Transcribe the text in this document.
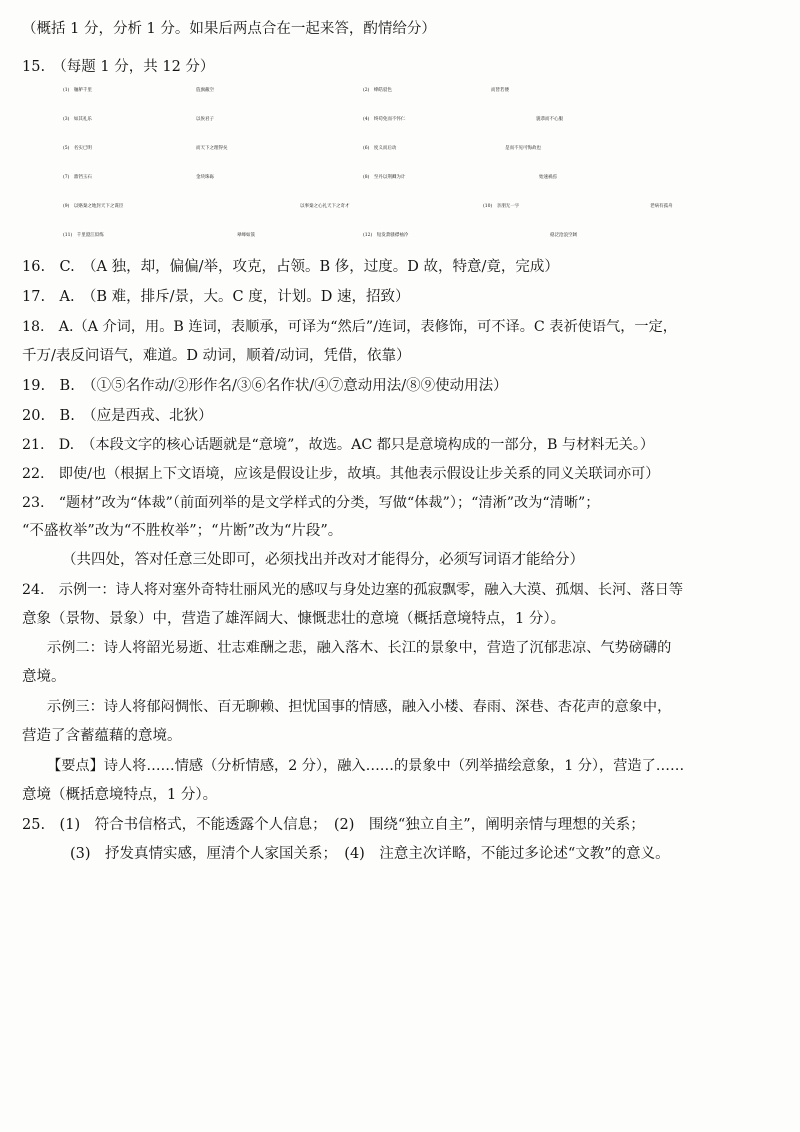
（概括 1 分，分析 1 分。如果后两点合在一起来答，酌情给分）
15.　（每题 1 分，共 12 分）
(1)　舳舻千里	旌旗蔽空	(2)　绛皓驳色	而皆若偻
(3)　如其礼乐	以俟君子	(4)　终苟免而不怀仁	貌恭而不心服
(5)　名实已明	而天下之理得矣	(6)　度义而后动	是而不见可悔故也
(7)　鼎铛玉石	金块珠砾	(8)　至丹以荆卿为计	始速祸焉
(9)　以赂秦之地封天下之谋臣	以事秦之心礼天下之奇才	(10)　亲朋无一字	老病有孤舟
(11)　千里澄江似练	翠峰如簇	(12)　短发萧骚襟袖冷	稳泛沧浪空阔
16.　C.　（A 独，却，偏偏/举，攻克，占领。B 侈，过度。D 故，特意/竟，完成）
17.　A.　（B 难，排斥/景，大。C 度，计划。D 速，招致）
18.　A.（A 介词，用。B 连词，表顺承，可译为“然后”/连词，表修饰，可不译。C 表祈使语气，一定，
千万/表反问语气，难道。D 动词，顺着/动词，凭借，依靠）
19.　B.　（①⑤名作动/②形作名/③⑥名作状/④⑦意动用法/⑧⑨使动用法）
20.　B.　（应是西戎、北狄）
21.　D.　（本段文字的核心话题就是“意境”，故选。AC 都只是意境构成的一部分，B 与材料无关。）
22.　即使/也（根据上下文语境，应该是假设让步，故填。其他表示假设让步关系的同义关联词亦可）
23.　“题材”改为“体裁”（前面列举的是文学样式的分类，写做“体裁”）；“清淅”改为“清晰”；
“不盛枚举”改为“不胜枚举”；“片断”改为“片段”。
（共四处，答对任意三处即可，必须找出并改对才能得分，必须写词语才能给分）
24.　示例一：诗人将对塞外奇特壮丽风光的感叹与身处边塞的孤寂飘零，融入大漠、孤烟、长河、落日等
意象（景物、景象）中，营造了雄浑阔大、慷慨悲壮的意境（概括意境特点，1 分）。
示例二：诗人将韶光易逝、壮志难酬之悲，融入落木、长江的景象中，营造了沉郁悲凉、气势磅礴的
意境。
示例三：诗人将郁闷惆怅、百无聊赖、担忧国事的情感，融入小楼、春雨、深巷、杏花声的意象中，
营造了含蓄蕴藉的意境。
【要点】诗人将……情感（分析情感，2 分），融入……的景象中（列举描绘意象，1 分），营造了……
意境（概括意境特点，1 分）。
25.　(1)　符合书信格式，不能透露个人信息；　(2)　围绕“独立自主”，阐明亲情与理想的关系；
(3)　抒发真情实感，厘清个人家国关系；　(4)　注意主次详略，不能过多论述“文教”的意义。
